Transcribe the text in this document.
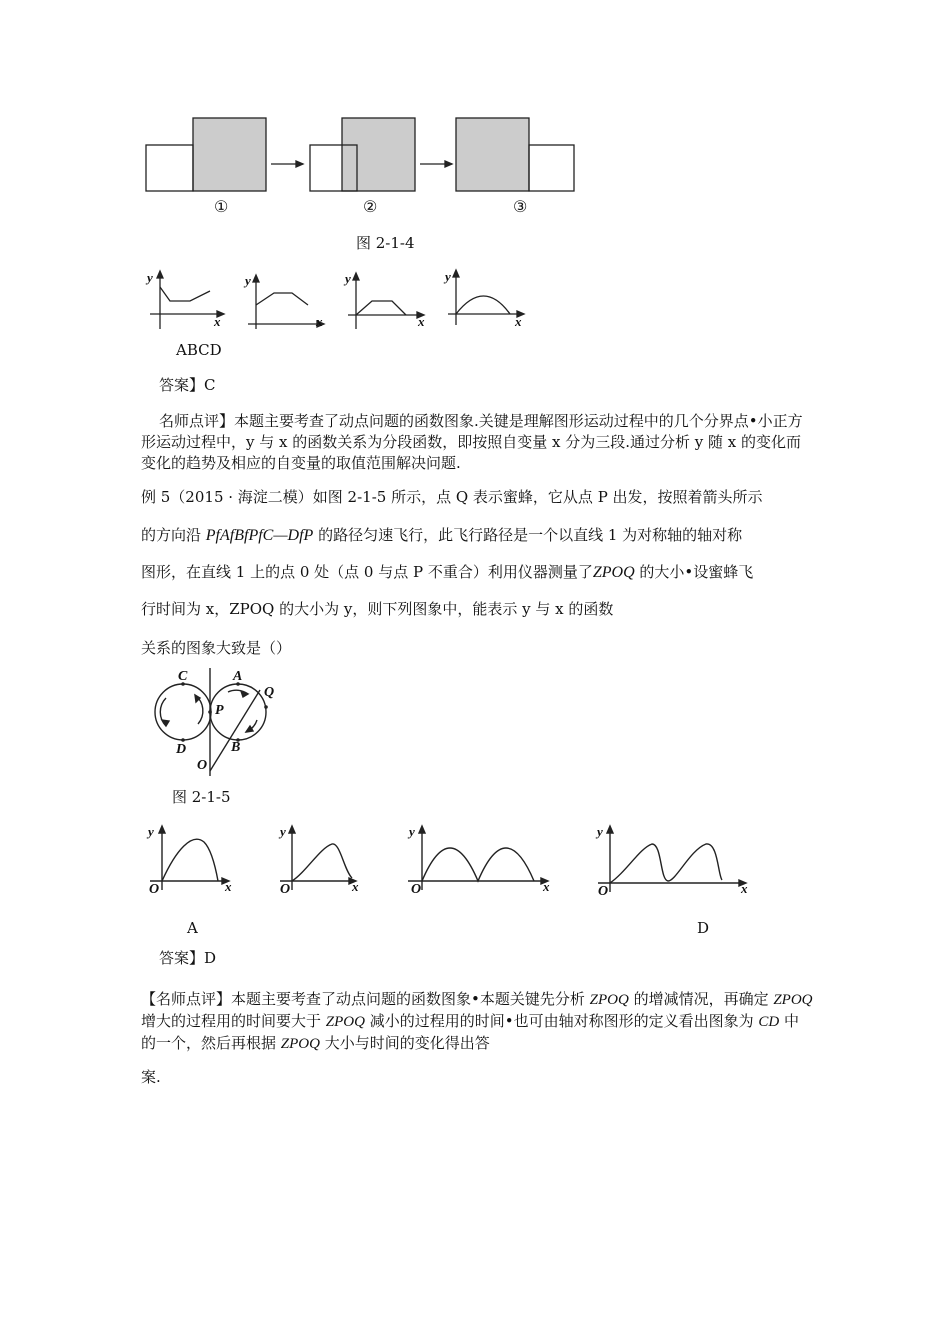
①	②	③
图 2-1-4
y
x
y
x
y
x
y
x
ABCD
答案】C
名师点评】本题主要考查了动点问题的函数图象.关键是理解图形运动过程中的几个分界点•小正方形运动过程中，y 与 x 的函数关系为分段函数，即按照自变量 x 分为三段.通过分析 y 随 x 的变化而变化的趋势及相应的自变量的取值范围解决问题.
例 5（2015 · 海淀二模）如图 2-1-5 所示，点 Q 表示蜜蜂，它从点 P 出发，按照着箭头所示
的方向沿 PfAfBfPfC—DfP 的路径匀速飞行，此飞行路径是一个以直线 1 为对称轴的轴对称
图形，在直线 1 上的点 0 处（点 0 与点 P 不重合）利用仪器测量了ZPOQ 的大小•设蜜蜂飞
行时间为 x，ZPOQ 的大小为 y，则下列图象中，能表示 y 与 x 的函数
关系的图象大致是（）
C	A
Q
P
D	B
O
图 2-1-5
y
O	x
y
O	x
y
O	x
y
O	x
A	D
答案】D
【名师点评】本题主要考查了动点问题的函数图象•本题关键先分析 ZPOQ 的增减情况，再确定 ZPOQ 增大的过程用的时间要大于 ZPOQ 减小的过程用的时间•也可由轴对称图形的定义看出图象为 CD 中的一个，然后再根据 ZPOQ 大小与时间的变化得出答
案.
